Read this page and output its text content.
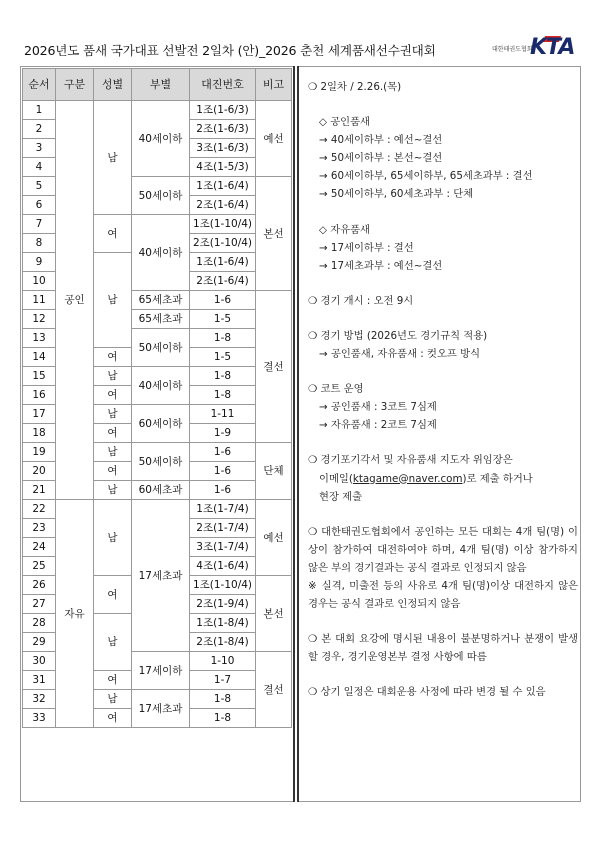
2026년도 품새 국가대표 선발전 2일차 (안)_2026 춘천 세계품새선수권대회	대한태권도협회
KTA
순서	구분	성별	부별	대진번호	비고
1	공인	남	40세이하	1조(1-6/3)	예선
2				2조(1-6/3)	
3				3조(1-6/3)	
4				4조(1-5/3)	
5			50세이하	1조(1-6/4)	본선
6				2조(1-6/4)	
7		여	40세이하	1조(1-10/4)	
8				2조(1-10/4)	
9		남		1조(1-6/4)	
10				2조(1-6/4)	
11			65세초과	1-6	결선
12			65세초과	1-5	
13			50세이하	1-8	
14		여		1-5	
15		남	40세이하	1-8	
16		여		1-8	
17		남	60세이하	1-11	
18		여		1-9	
19		남	50세이하	1-6	단체
20		여		1-6	
21		남	60세초과	1-6	
22	자유	남	17세초과	1조(1-7/4)	예선
23				2조(1-7/4)	
24				3조(1-7/4)	
25				4조(1-6/4)	
26		여		1조(1-10/4)	본선
27				2조(1-9/4)	
28		남		1조(1-8/4)	
29				2조(1-8/4)	
30			17세이하	1-10	결선
31		여		1-7	
32		남	17세초과	1-8	
33		여		1-8	

❍ 2일차 / 2.26.(목)

◇ 공인품새

→ 40세이하부 : 예선~결선

→ 50세이하부 : 본선~결선

→ 60세이하부, 65세이하부, 65세초과부 : 결선

→ 50세이하부, 60세초과부 : 단체

◇ 자유품새

→ 17세이하부 : 결선

→ 17세초과부 : 예선~결선

❍ 경기 개시 : 오전 9시

❍ 경기 방법 (2026년도 경기규칙 적용)

→ 공인품새, 자유품새 : 컷오프 방식

❍ 코트 운영

→ 공인품새 : 3코트 7심제

→ 자유품새 : 2코트 7심제

❍ 경기포기각서 및 자유품새 지도자 위임장은

이메일(ktagame@naver.com)로 제출 하거나

현장 제출

❍ 대한태권도협회에서 공인하는 모든 대회는 4개 팀(명) 이상이 참가하여 대전하여야 하며, 4개 팀(명) 이상 참가하지 않은 부의 경기결과는 공식 결과로 인정되지 않음

※ 실격, 미출전 등의 사유로 4개 팀(명)이상 대전하지 않은 경우는 공식 결과로 인정되지 않음

❍ 본 대회 요강에 명시된 내용이 불분명하거나 분쟁이 발생할 경우, 경기운영본부 결정 사항에 따름

❍ 상기 일정은 대회운용 사정에 따라 변경 될 수 있음
